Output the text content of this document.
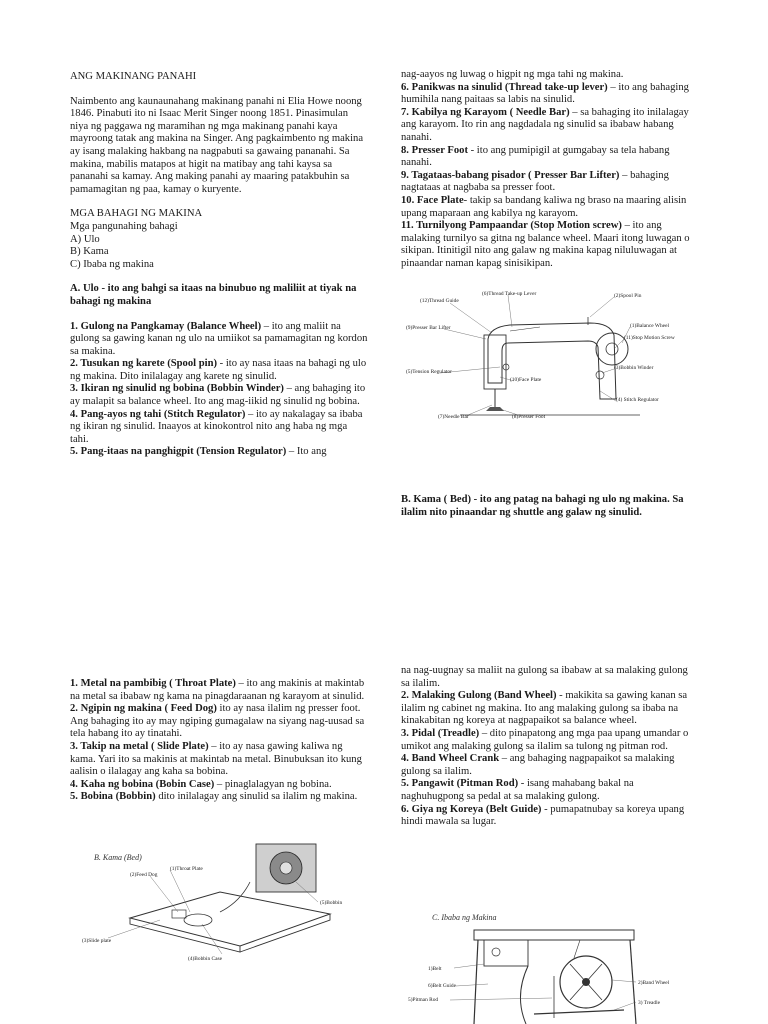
ANG MAKINANG PANAHI

Naimbento ang kaunaunahang makinang panahi ni Elia Howe noong 1846. Pinabuti ito ni Isaac Merit Singer noong 1851. Pinasimulan niya ng paggawa ng maramihan ng mga makinang panahi kaya mayroong tatak ang makina na Singer. Ang pagkaimbento ng makina ay isang malaking hakbang na nagpabuti sa gawaing pananahi. Sa makina, mabilis matapos at higit na matibay ang tahi kaysa sa pananahi sa kamay. Ang making panahi ay maaring patakbuhin sa pamamagitan ng paa, kamay o kuryente.

MGA BAHAGI NG MAKINA

Mga pangunahing bahagi

A) Ulo

B) Kama

C) Ibaba ng makina

A. Ulo - ito ang bahgi sa itaas na binubuo ng maliliit at tiyak na bahagi ng makina

1. Gulong na Pangkamay (Balance Wheel) – ito ang maliit na gulong sa gawing kanan ng ulo na umiikot sa pamamagitan ng kordon sa makina.

2. Tusukan ng karete (Spool pin) - ito ay nasa itaas na bahagi ng ulo ng makina. Dito inilalagay ang karete ng sinulid.

3. Ikiran ng sinulid ng bobina (Bobbin Winder) – ang bahaging ito ay malapit sa balance wheel. Ito ang mag-iikid ng sinulid ng bobina.

4. Pang-ayos ng tahi (Stitch Regulator) – ito ay nakalagay sa ibaba ng ikiran ng sinulid. Inaayos at kinokontrol nito ang haba ng mga tahi.

5. Pang-itaas na panghigpit (Tension Regulator) – Ito ang

nag-aayos ng luwag o higpit ng mga tahi ng makina.

6. Panikwas na sinulid (Thread take-up lever) – ito ang bahaging humihila nang paitaas sa labis na sinulid.

7. Kabilya ng Karayom ( Needle Bar) – sa bahaging ito inilalagay ang karayom. Ito rin ang nagdadala ng sinulid sa ibabaw habang nanahi.

8. Presser Foot - ito ang pumipigil at gumgabay sa tela habang nanahi.

9. Tagataas-babang pisador ( Presser Bar Lifter) – bahaging nagtataas at nagbaba sa presser foot.

10. Face Plate- takip sa bandang kaliwa ng braso na maaring alisin upang maparaan ang kabilya ng karayom.

11. Turnilyong Pampaandar (Stop Motion screw) – ito ang malaking turnilyo sa gitna ng balance wheel. Maari itong luwagan o sikipan. Itinitigil nito ang galaw ng makina kapag niluluwagan at pinaandar naman kapag sinisikipan.

(12)Thread Guide
(6)Thread Take-up Lever	(2)Spool Pin
(9)Presser Bar Lifter	(1)Balance Wheel
(11)Stop Motion Screw
(5)Tension Regulator
(10)Face Plate
(3)Bobbin Winder
(4) Stitch Regulator
(7)Needle Bar	(8)Presser Foot

B. Kama ( Bed) - ito ang patag na bahagi ng ulo ng makina. Sa ilalim nito pinaandar ng shuttle ang galaw ng sinulid.

1. Metal na pambibig ( Throat Plate) – ito ang makinis at makintab na metal sa ibabaw ng kama na pinagdaraanan ng karayom at sinulid.

2. Ngipin ng makina ( Feed Dog) ito ay nasa ilalim ng presser foot. Ang bahaging ito ay may ngiping gumagalaw na siyang nag-uusad sa tela habang ito ay tinatahi.

3. Takip na metal ( Slide Plate) – ito ay nasa gawing kaliwa ng kama. Yari ito sa makinis at makintab na metal. Binubuksan ito kung aalisin o ilalagay ang kaha sa bobina.

4. Kaha ng bobina (Bobin Case) – pinaglalagyan ng bobina.

5. Bobina (Bobbin) dito inilalagay ang sinulid sa ilalim ng makina.

B. Kama (Bed)
(1)Throat Plate
(2)Feed Dog
(5)Bobbin
(3)Slide plate
(4)Bobbin Case

na nag-uugnay sa maliit na gulong sa ibabaw at sa malaking gulong sa ilalim.

2. Malaking Gulong (Band Wheel) - makikita sa gawing kanan sa ilalim ng cabinet ng makina. Ito ang malaking gulong sa ibaba na kinakabitan ng koreya at nagpapaikot sa balance wheel.

3. Pidal (Treadle) – dito pinapatong ang mga paa upang umandar o umikot ang malaking gulong sa ilalim sa tulong ng pitman rod.

4. Band Wheel Crank – ang bahaging nagpapaikot sa malaking gulong sa ilalim.

5. Pangawit (Pitman Rod) - isang mahabang bakal na naghuhugpong sa pedal at sa malaking gulong.

6. Giya ng Koreya (Belt Guide) - pumapatnubay sa koreya upang hindi mawala sa lugar.

C. Ibaba ng Makina
1)Belt
6)Belt Guide
5)Pitman Rod
2)Band Wheel
3) Treadle
